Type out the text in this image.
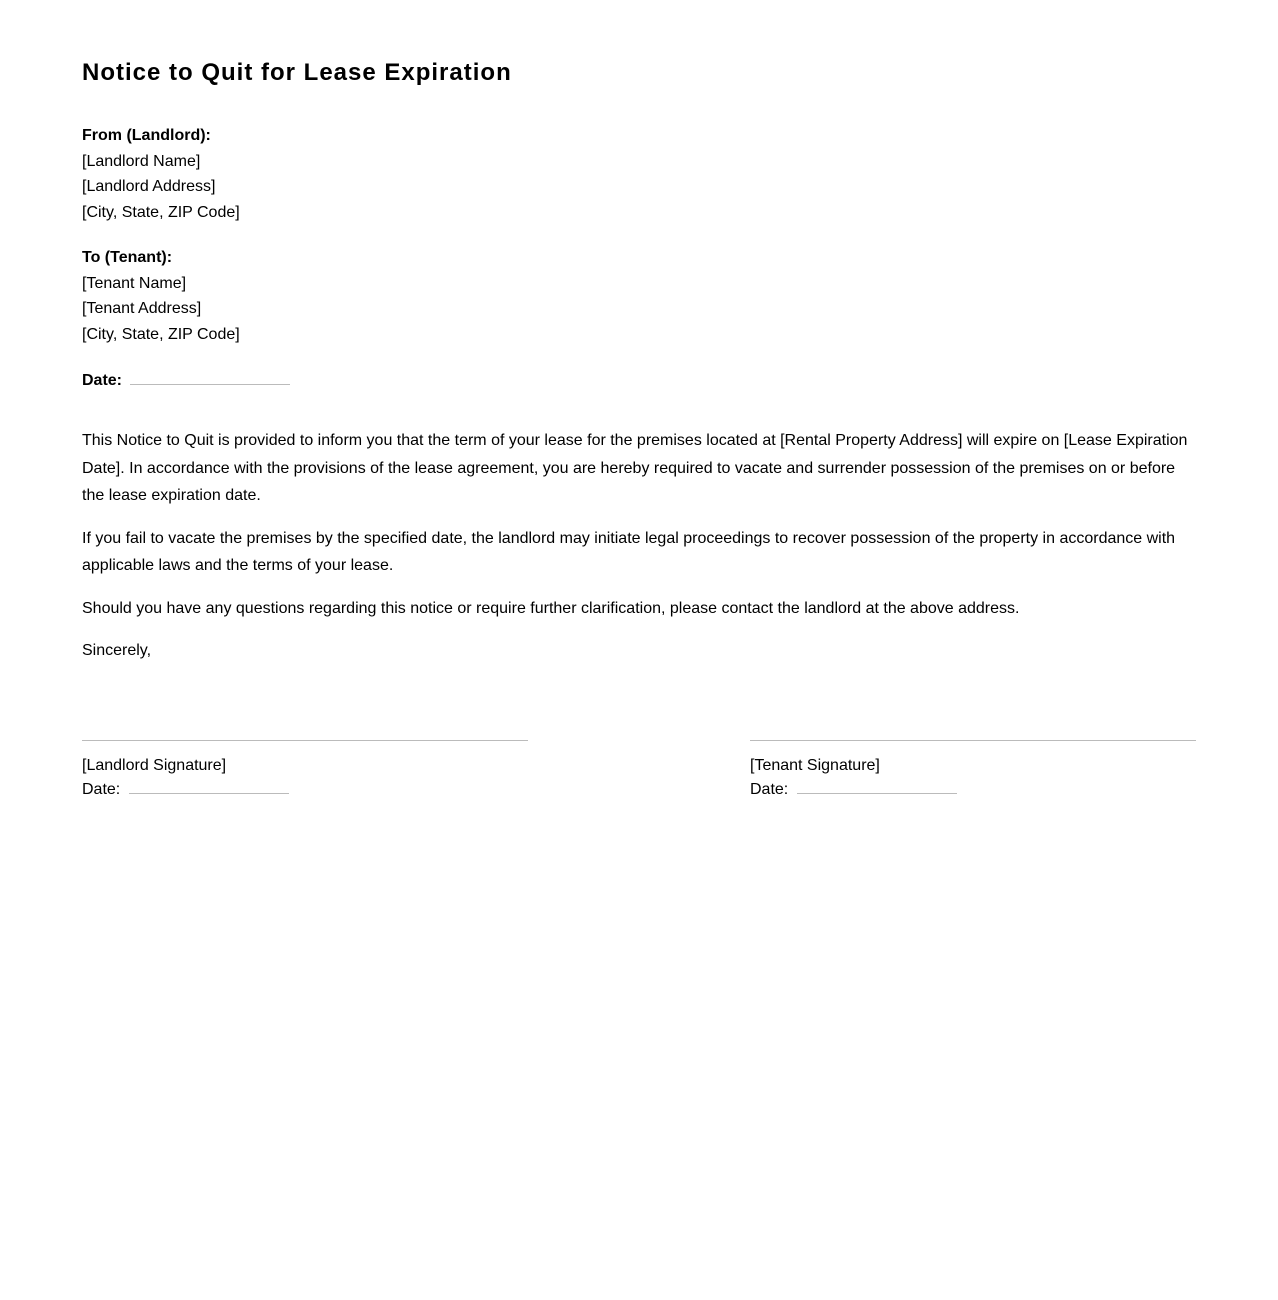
Notice to Quit for Lease Expiration
From (Landlord):
[Landlord Name]
[Landlord Address]
[City, State, ZIP Code]
To (Tenant):
[Tenant Name]
[Tenant Address]
[City, State, ZIP Code]
Date:

This Notice to Quit is provided to inform you that the term of your lease for the premises located at [Rental Property Address] will expire on [Lease Expiration Date]. In accordance with the provisions of the lease agreement, you are hereby required to vacate and surrender possession of the premises on or before the lease expiration date.

If you fail to vacate the premises by the specified date, the landlord may initiate legal proceedings to recover possession of the property in accordance with applicable laws and the terms of your lease.

Should you have any questions regarding this notice or require further clarification, please contact the landlord at the above address.

Sincerely,
[Landlord Signature]
Date:
[Tenant Signature]
Date:
